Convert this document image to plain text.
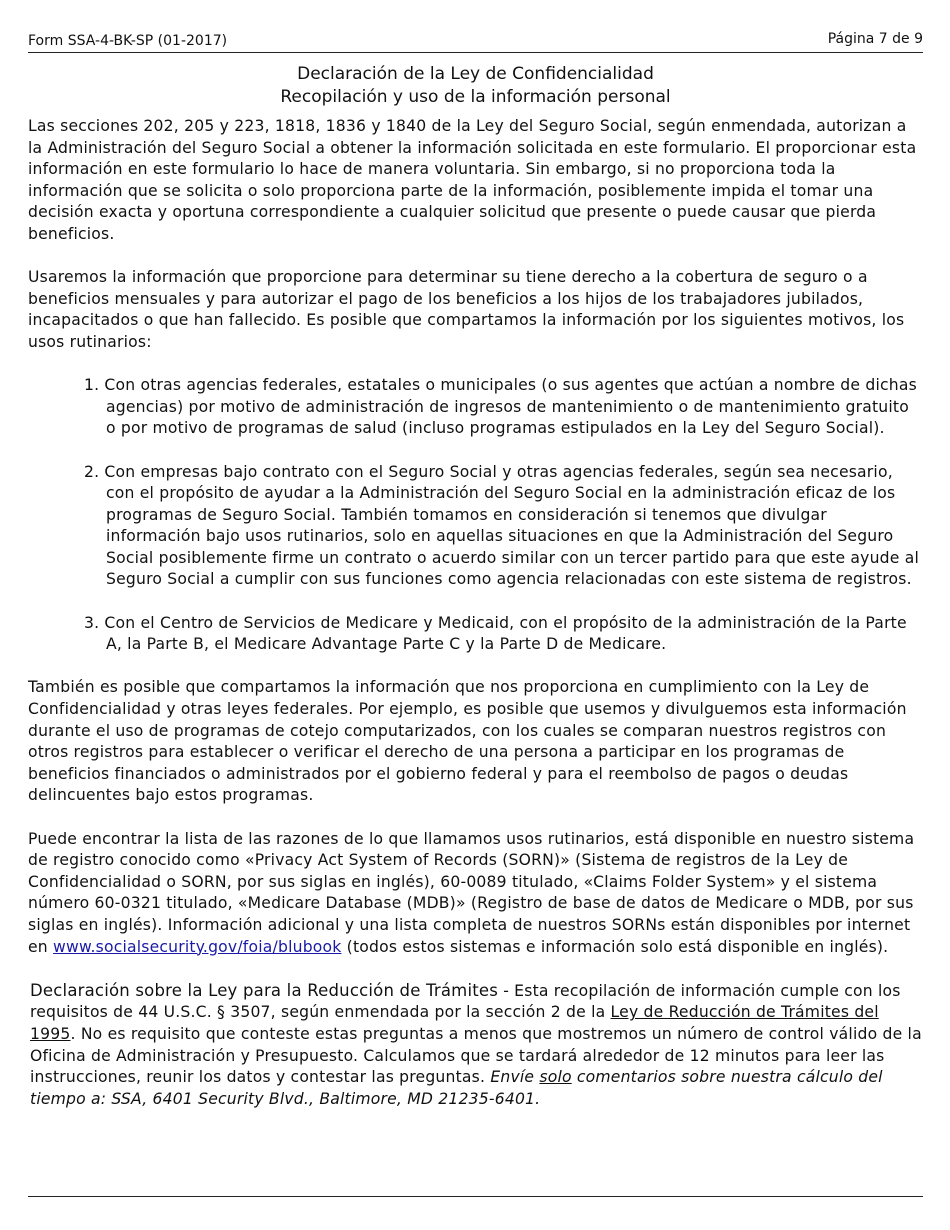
Form SSA-4-BK-SP (01-2017)	Página 7 de 9
Declaración de la Ley de Confidencialidad
Recopilación y uso de la información personal

Las secciones 202, 205 y 223, 1818, 1836 y 1840 de la Ley del Seguro Social, según enmendada, autorizan a la Administración del Seguro Social a obtener la información solicitada en este formulario. El proporcionar esta información en este formulario lo hace de manera voluntaria. Sin embargo, si no proporciona toda la información que se solicita o solo proporciona parte de la información, posiblemente impida el tomar una decisión exacta y oportuna correspondiente a cualquier solicitud que presente o puede causar que pierda beneficios.

Usaremos la información que proporcione para determinar su tiene derecho a la cobertura de seguro o a beneficios mensuales y para autorizar el pago de los beneficios a los hijos de los trabajadores jubilados, incapacitados o que han fallecido. Es posible que compartamos la información por los siguientes motivos, los usos rutinarios:

1. Con otras agencias federales, estatales o municipales (o sus agentes que actúan a nombre de dichas agencias) por motivo de administración de ingresos de mantenimiento o de mantenimiento gratuito o por motivo de programas de salud (incluso programas estipulados en la Ley del Seguro Social).
2. Con empresas bajo contrato con el Seguro Social y otras agencias federales, según sea necesario, con el propósito de ayudar a la Administración del Seguro Social en la administración eficaz de los programas de Seguro Social. También tomamos en consideración si tenemos que divulgar información bajo usos rutinarios, solo en aquellas situaciones en que la Administración del Seguro Social posiblemente firme un contrato o acuerdo similar con un tercer partido para que este ayude al Seguro Social a cumplir con sus funciones como agencia relacionadas con este sistema de registros.
3. Con el Centro de Servicios de Medicare y Medicaid, con el propósito de la administración de la Parte A, la Parte B, el Medicare Advantage Parte C y la Parte D de Medicare.

También es posible que compartamos la información que nos proporciona en cumplimiento con la Ley de Confidencialidad y otras leyes federales. Por ejemplo, es posible que usemos y divulguemos esta información durante el uso de programas de cotejo computarizados, con los cuales se comparan nuestros registros con otros registros para establecer o verificar el derecho de una persona a participar en los programas de beneficios financiados o administrados por el gobierno federal y para el reembolso de pagos o deudas delincuentes bajo estos programas.

Puede encontrar la lista de las razones de lo que llamamos usos rutinarios, está disponible en nuestro sistema de registro conocido como «Privacy Act System of Records (SORN)» (Sistema de registros de la Ley de Confidencialidad o SORN, por sus siglas en inglés), 60-0089 titulado, «Claims Folder System» y el sistema número 60-0321 titulado, «Medicare Database (MDB)» (Registro de base de datos de Medicare o MDB, por sus siglas en inglés). Información adicional y una lista completa de nuestros SORNs están disponibles por internet en www.socialsecurity.gov/foia/blubook (todos estos sistemas e información solo está disponible en inglés).

Declaración sobre la Ley para la Reducción de Trámites - Esta recopilación de información cumple con los requisitos de 44 U.S.C. § 3507, según enmendada por la sección 2 de la Ley de Reducción de Trámites del 1995. No es requisito que conteste estas preguntas a menos que mostremos un número de control válido de la Oficina de Administración y Presupuesto. Calculamos que se tardará alrededor de 12 minutos para leer las instrucciones, reunir los datos y contestar las preguntas. Envíe solo comentarios sobre nuestra cálculo del tiempo a: SSA, 6401 Security Blvd., Baltimore, MD 21235-6401.
